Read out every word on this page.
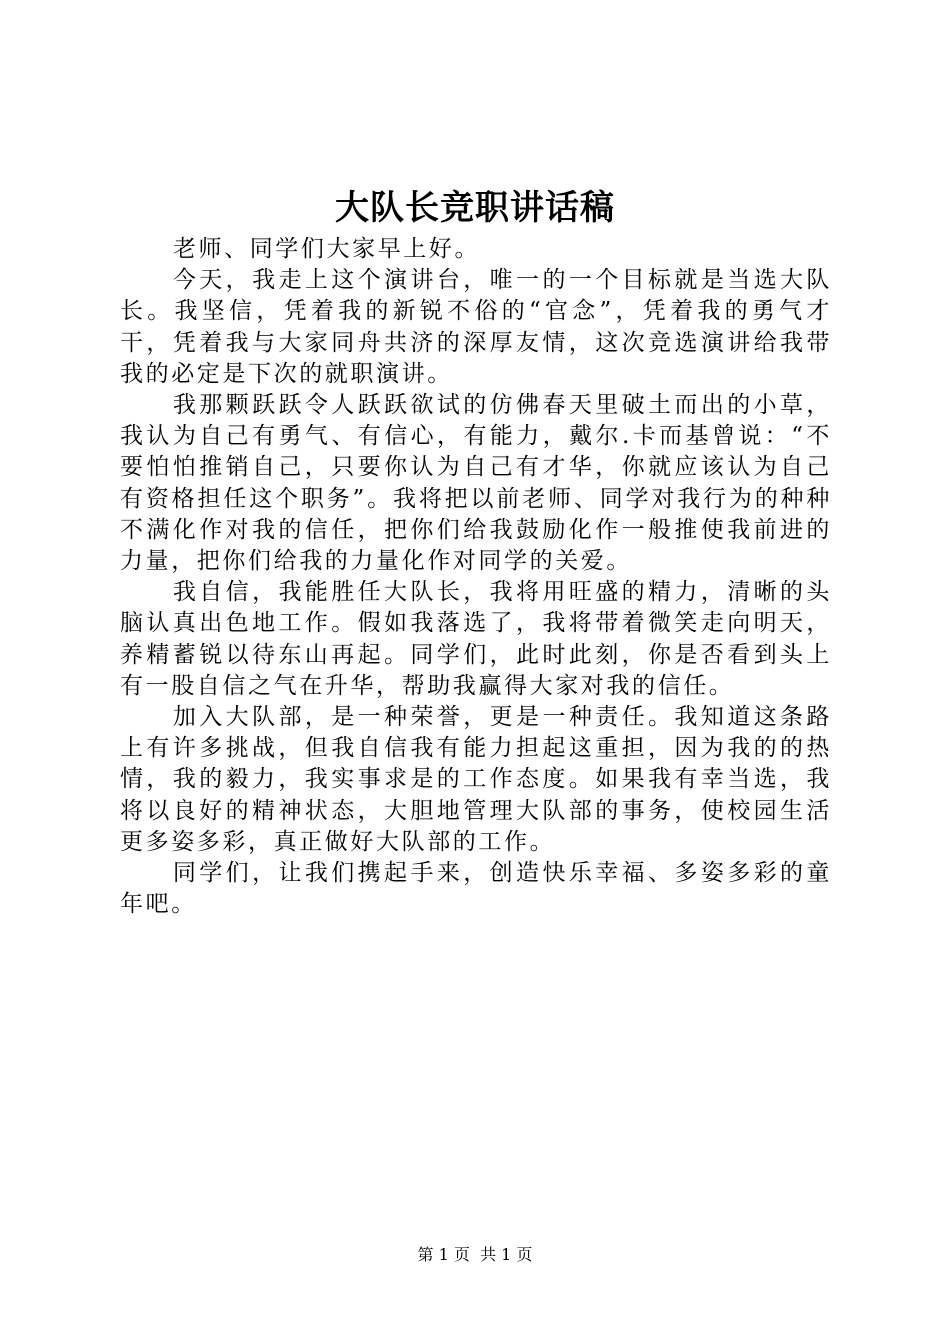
大队长竞职讲话稿

老师、同学们大家早上好。

今天，我走上这个演讲台，唯一的一个目标就是当选大队长。我坚信，凭着我的新锐不俗的“官念”，凭着我的勇气才干，凭着我与大家同舟共济的深厚友情，这次竞选演讲给我带我的必定是下次的就职演讲。

我那颗跃跃令人跃跃欲试的仿佛春天里破土而出的小草，我认为自己有勇气、有信心，有能力，戴尔.卡而基曾说：“不要怕怕推销自己，只要你认为自己有才华，你就应该认为自己有资格担任这个职务”。我将把以前老师、同学对我行为的种种不满化作对我的信任，把你们给我鼓励化作一般推使我前进的力量，把你们给我的力量化作对同学的关爱。

我自信，我能胜任大队长，我将用旺盛的精力，清晰的头脑认真出色地工作。假如我落选了，我将带着微笑走向明天，养精蓄锐以待东山再起。同学们，此时此刻，你是否看到头上有一股自信之气在升华，帮助我赢得大家对我的信任。

加入大队部，是一种荣誉，更是一种责任。我知道这条路上有许多挑战，但我自信我有能力担起这重担，因为我的的热情，我的毅力，我实事求是的工作态度。如果我有幸当选，我将以良好的精神状态，大胆地管理大队部的事务，使校园生活更多姿多彩，真正做好大队部的工作。

同学们，让我们携起手来，创造快乐幸福、多姿多彩的童年吧。

第 1 页  共 1 页
